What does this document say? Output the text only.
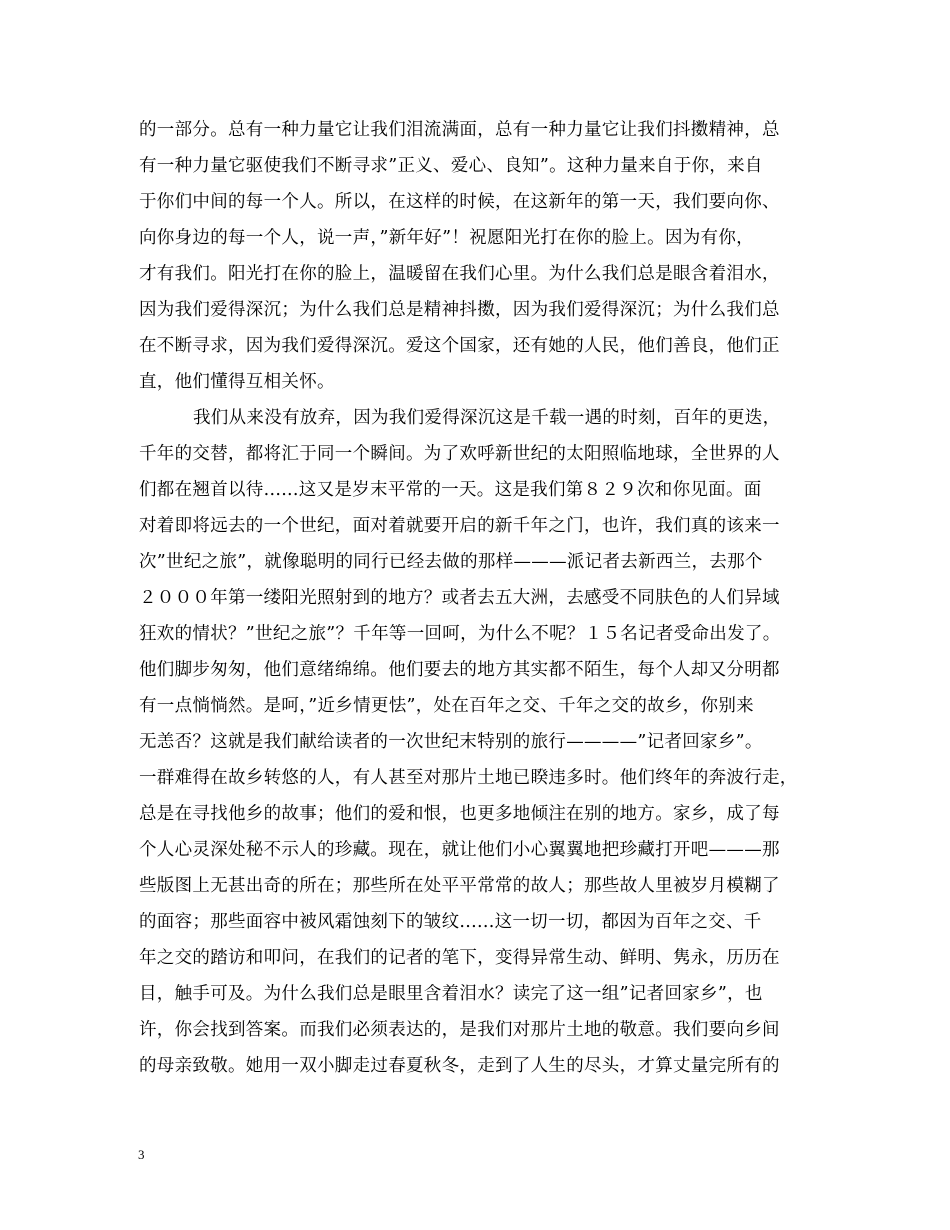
的一部分。总有一种力量它让我们泪流满面，总有一种力量它让我们抖擞精神，总
有一种力量它驱使我们不断寻求”正义、爱心、良知”。这种力量来自于你，来自
于你们中间的每一个人。所以，在这样的时候，在这新年的第一天，我们要向你、
向你身边的每一个人，说一声，”新年好”！祝愿阳光打在你的脸上。因为有你，
才有我们。阳光打在你的脸上，温暖留在我们心里。为什么我们总是眼含着泪水，
因为我们爱得深沉；为什么我们总是精神抖擞，因为我们爱得深沉；为什么我们总
在不断寻求，因为我们爱得深沉。爱这个国家，还有她的人民，他们善良，他们正
直，他们懂得互相关怀。
我们从来没有放弃，因为我们爱得深沉这是千载一遇的时刻，百年的更迭，
千年的交替，都将汇于同一个瞬间。为了欢呼新世纪的太阳照临地球，全世界的人
们都在翘首以待......这又是岁末平常的一天。这是我们第８２９次和你见面。面
对着即将远去的一个世纪，面对着就要开启的新千年之门，也许，我们真的该来一
次”世纪之旅”，就像聪明的同行已经去做的那样———派记者去新西兰，去那个
２０００年第一缕阳光照射到的地方？或者去五大洲，去感受不同肤色的人们异域
狂欢的情状？”世纪之旅”？千年等一回呵，为什么不呢？１５名记者受命出发了。
他们脚步匆匆，他们意绪绵绵。他们要去的地方其实都不陌生，每个人却又分明都
有一点惝惝然。是呵，”近乡情更怯”，处在百年之交、千年之交的故乡，你别来
无恙否？这就是我们献给读者的一次世纪末特别的旅行————”记者回家乡”。
一群难得在故乡转悠的人，有人甚至对那片土地已睽违多时。他们终年的奔波行走，
总是在寻找他乡的故事；他们的爱和恨，也更多地倾注在别的地方。家乡，成了每
个人心灵深处秘不示人的珍藏。现在，就让他们小心翼翼地把珍藏打开吧———那
些版图上无甚出奇的所在；那些所在处平平常常的故人；那些故人里被岁月模糊了
的面容；那些面容中被风霜蚀刻下的皱纹......这一切一切，都因为百年之交、千
年之交的踏访和叩问，在我们的记者的笔下，变得异常生动、鲜明、隽永，历历在
目，触手可及。为什么我们总是眼里含着泪水？读完了这一组”记者回家乡”，也
许，你会找到答案。而我们必须表达的，是我们对那片土地的敬意。我们要向乡间
的母亲致敬。她用一双小脚走过春夏秋冬，走到了人生的尽头，才算丈量完所有的
3
